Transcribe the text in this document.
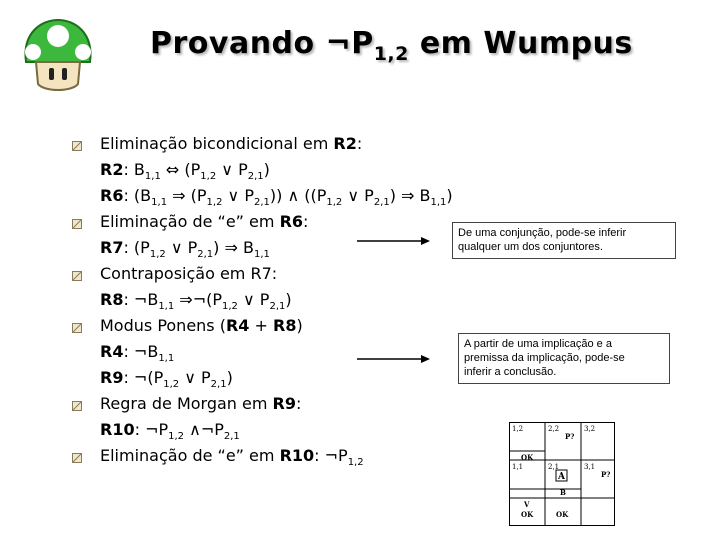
Provando $\neg P_{1,2}$ em Wumpus
Eliminação bicondicional em R2:
R2: $B_{1,1}$ ⇔ ($P_{1,2}$ ∨ $P_{2,1}$)
R6: ($B_{1,1}$ ⇒ ($P_{1,2}$ ∨ $P_{2,1}$)) ∧ (($P_{1,2}$ ∨ $P_{2,1}$) ⇒ $B_{1,1}$)
Eliminação de “e” em R6:
R7: ($P_{1,2}$ ∨ $P_{2,1}$) ⇒ $B_{1,1}$
Contraposição em R7:
R8: $\neg B_{1,1}$ $\Rightarrow\neg(P_{1,2}$ ∨ $P_{2,1}$)
Modus Ponens (R4 + R8)
R4: $\neg B_{1,1}$
R9: $\neg(P_{1,2}$ ∨ $P_{2,1}$)
Regra de Morgan em R9:
R10: $\neg P_{1,2}$ $\wedge\neg P_{2,1}$
Eliminação de “e” em R10: $\neg P_{1,2}$
De uma conjunção, pode-se inferir
qualquer um dos conjuntores.
A partir de uma implicação e a
premissa da implicação, pode-se
inferir a conclusão.
1,2	2,2	3,2
P?
OK
1,1	2,1	3,1
P?
A
B
V
OK	OK
